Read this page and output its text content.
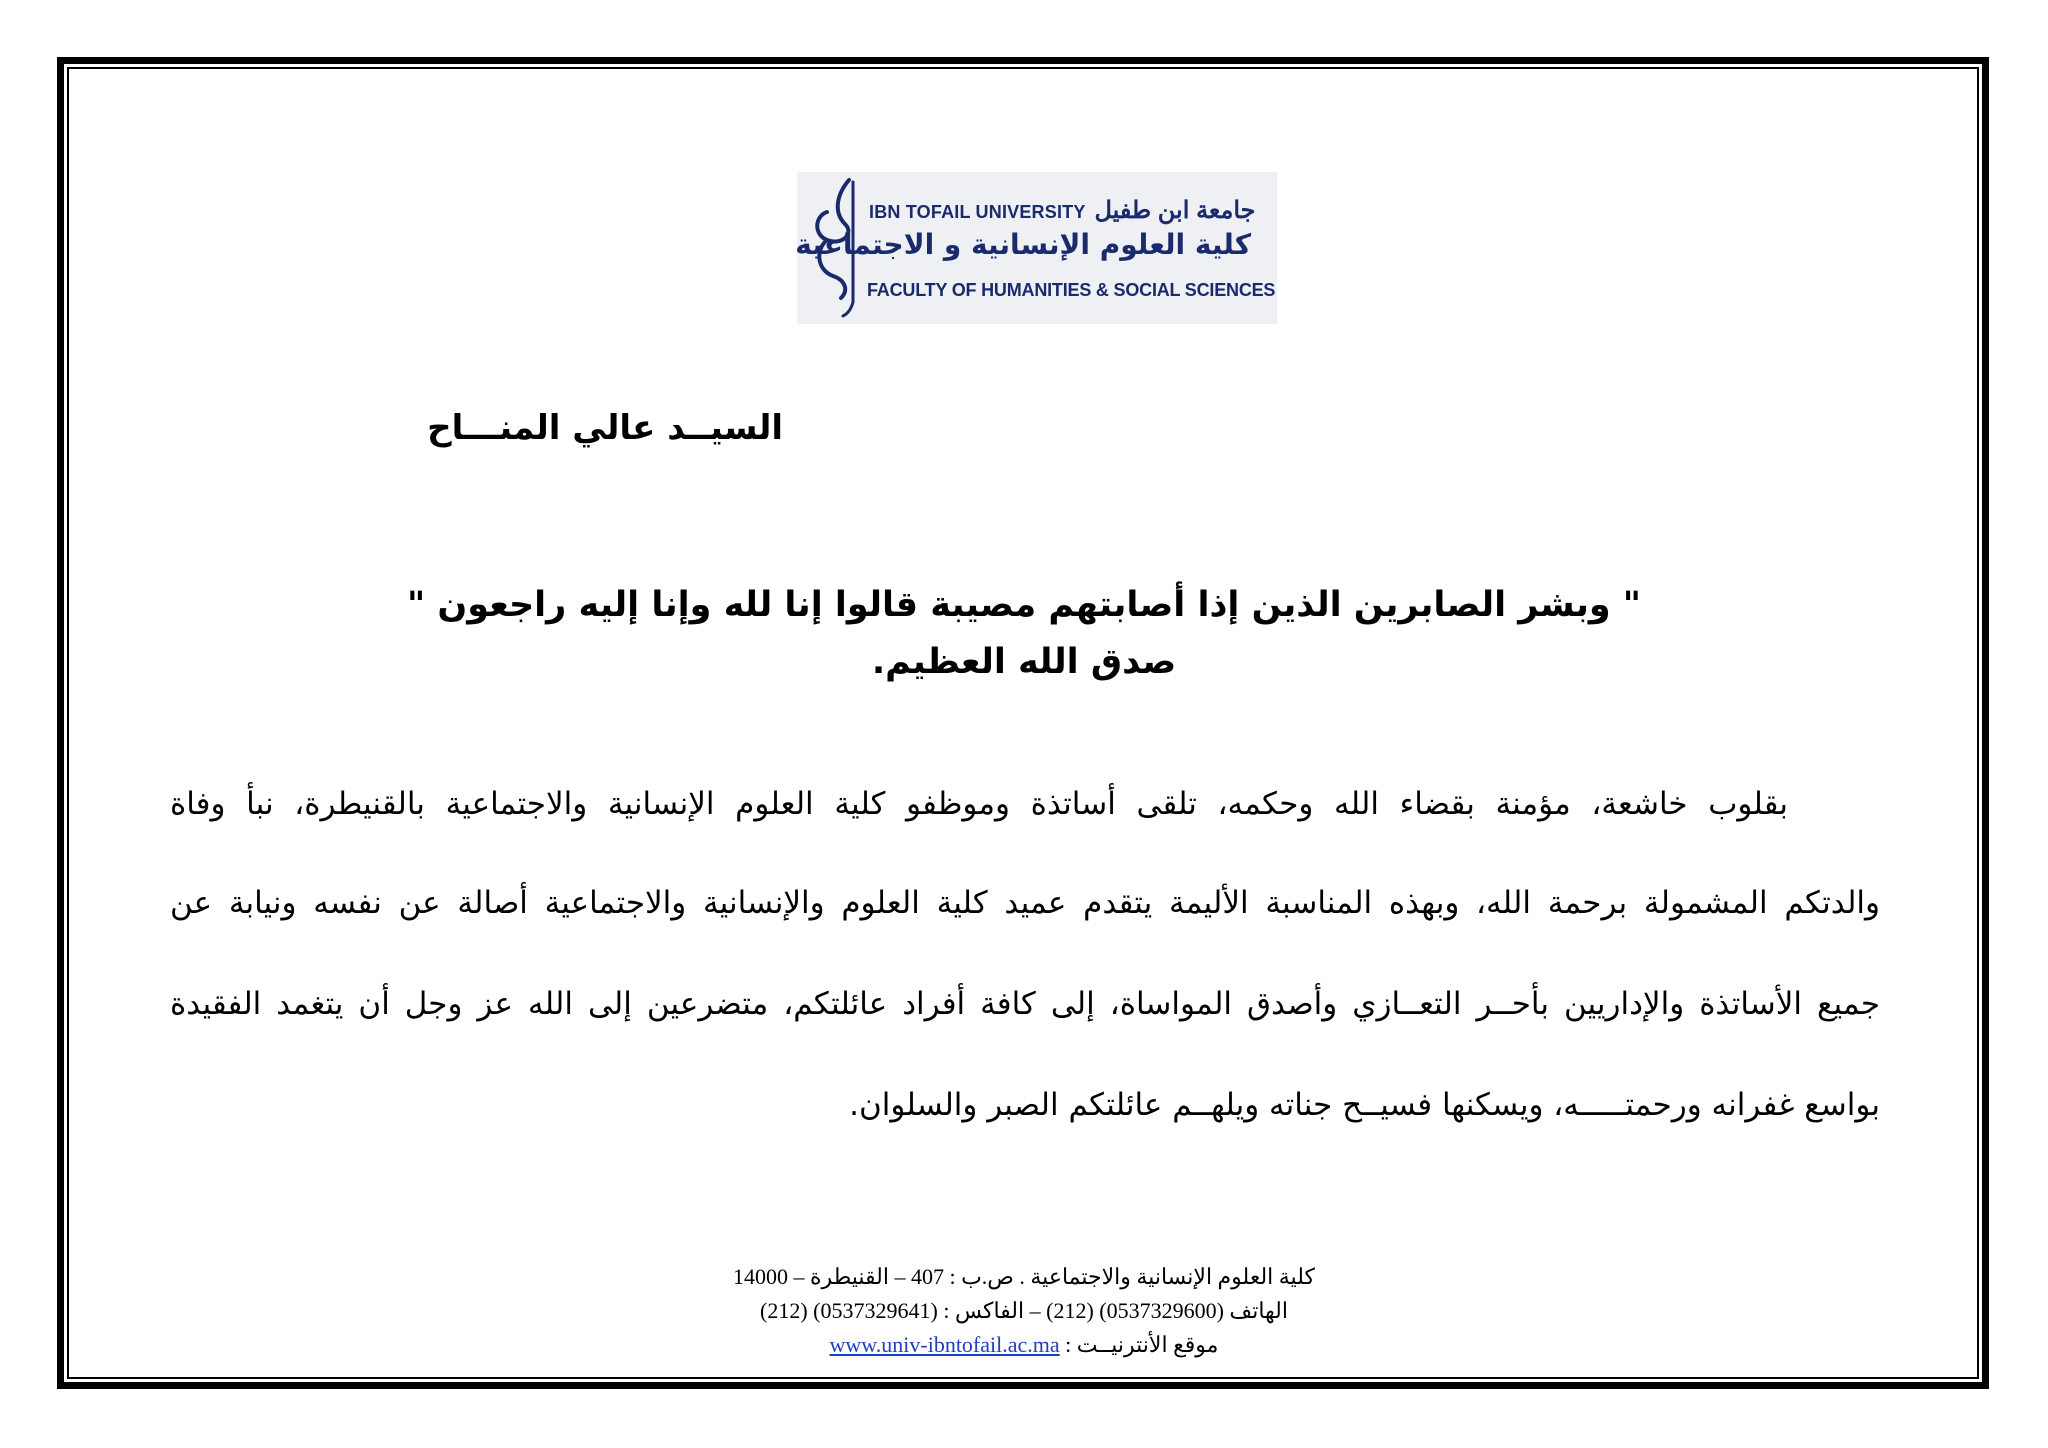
IBN TOFAIL UNIVERSITY جامعة ابن طفيل
كلية العلوم الإنسانية و الاجتماعية
FACULTY OF HUMANITIES & SOCIAL SCIENCES
السيــد عالي المنـــاح
" وبشر الصابرين الذين إذا أصابتهم مصيبة قالوا إنا لله وإنا إليه راجعون "
صدق الله العظيم.
بقلوب خاشعة، مؤمنة بقضاء الله وحكمه، تلقى أساتذة وموظفو كلية العلوم الإنسانية والاجتماعية بالقنيطرة، نبأ وفاة
والدتكم المشمولة برحمة الله، وبهذه المناسبة الأليمة يتقدم عميد كلية العلوم والإنسانية والاجتماعية أصالة عن نفسه ونيابة عن
جميع الأساتذة والإداريين بأحــر التعــازي وأصدق المواساة، إلى كافة أفراد عائلتكم، متضرعين إلى الله عز وجل أن يتغمد الفقيدة
بواسع غفرانه ورحمتـــــه، ويسكنها فسيــح جناته ويلهــم عائلتكم الصبر والسلوان.
كلية العلوم الإنسانية والاجتماعية . ص.ب : 407 – القنيطرة – 14000
الهاتف (0537329600) (212) – الفاكس : (0537329641) (212)
موقع الأنترنيــت : www.univ-ibntofail.ac.ma
